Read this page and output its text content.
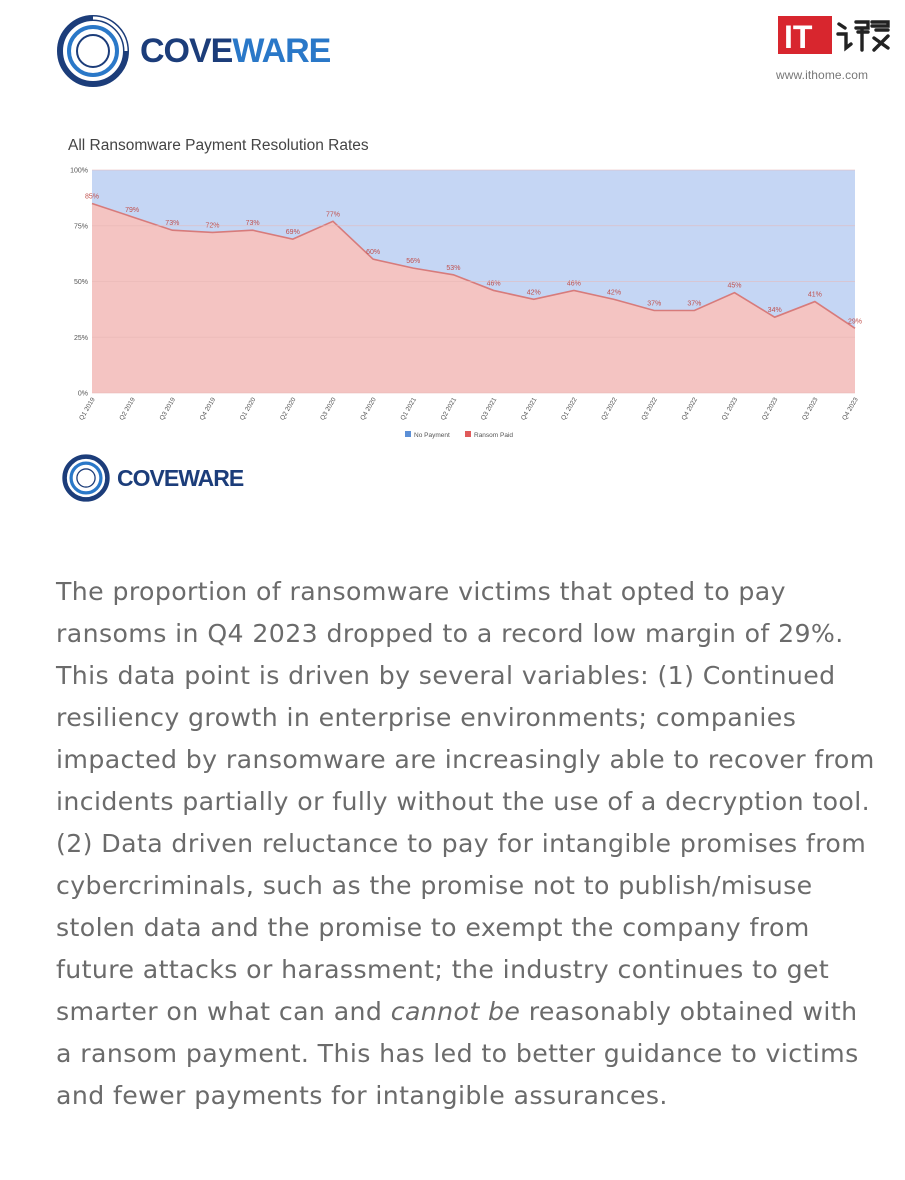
COVEWARE	IT
www.ithome.com
All Ransomware Payment Resolution Rates
85%
79%
73%	72%	73%
69%
77%
60%
56%
53%
46%
42%
46%
42%
37%	37%
45%
34%
41%
29%
0%
25%
50%
75%
100%
Q1 2019	Q2 2019	Q3 2019	Q4 2019	Q1 2020	Q2 2020	Q3 2020	Q4 2020	Q1 2021	Q2 2021	Q3 2021	Q4 2021	Q1 2022	Q2 2022	Q3 2022	Q4 2022	Q1 2023	Q2 2023	Q3 2023	Q4 2023
No Payment	Ransom Paid
COVEWARE

The proportion of ransomware victims that opted to pay ransoms in Q4 2023 dropped to a record low margin of 29%. This data point is driven by several variables: (1) Continued resiliency growth in enterprise environments; companies impacted by ransomware are increasingly able to recover from incidents partially or fully without the use of a decryption tool. (2) Data driven reluctance to pay for intangible promises from cybercriminals, such as the promise not to publish/misuse stolen data and the promise to exempt the company from future attacks or harassment; the industry continues to get smarter on what can and cannot be reasonably obtained with a ransom payment. This has led to better guidance to victims and fewer payments for intangible assurances.
